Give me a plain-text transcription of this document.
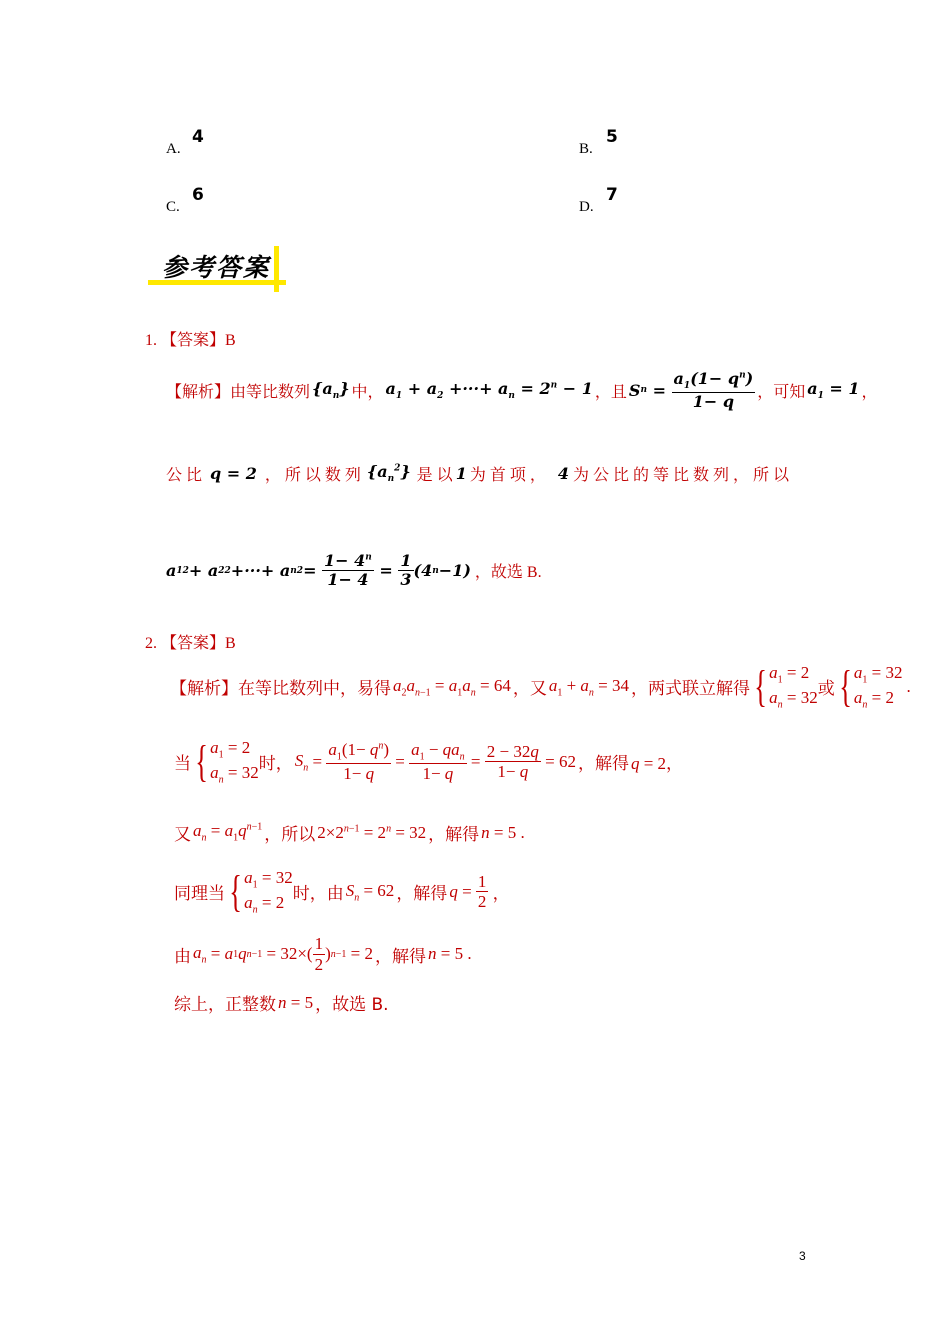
A.
4
B.
5
C.
6
D.
7
参考答案
1. 【答案】B
【解析】 由等比数列 $\{a_n\}$ 中， $a_1 + a_2$ +···+ $a_n = 2^n - 1$ ，且 S $n = \frac{a_1(1- q^n)}{1- q}$ ，可知 $a_1 = 1$ ，
公 比 q = 2 ， 所 以 数 列 $\{a_n^2\}$ 是 以 1 为 首 项 ， 4 为 公 比 的 等 比 数 列 ， 所 以
a 1 2 + a 2 2 +···+ a n $2 = \frac{1- 4^n}{1- 4} = \frac{1}{3} (4$ n −1) ，故选 B.
2. 【答案】B
【解析】 在等比数列中，易得 $a_2a_{n-1} = a_1a_n = 64$ ，又 $a_1 + a_n = 34$ ，两式联立解得 { $a_1 = 2$
$a_n = 32$ 或 { $a_1 = 32$
$a_n = 2$
.
当 { $a_1 = 2$
$a_n = 32$ 时， $S_n = \frac{a_1(1- q^n)}{1- q} = \frac{a_1 - qa_n}{1- q} = \frac{2 - 32q}{1- q} = 62$ ，解得 q = 2，
又 $a_n = a_1q^{n-1}$ ，所以 $2\times 2^{n-1} = 2^n = 32$ ，解得 n = 5 .
同理当 { $a_1 = 32$
$a_n = 2$ 时，由 $S_n = 62$ ，解得 $q = \frac{1}{2}$ ，
由 $a_n = a$ 1 q $n-1 = 32\times( \frac{1}{2}$ ) n−1 = 2 ，解得 n = 5 .
综上，正整数 n = 5 ，故选 B.
3
